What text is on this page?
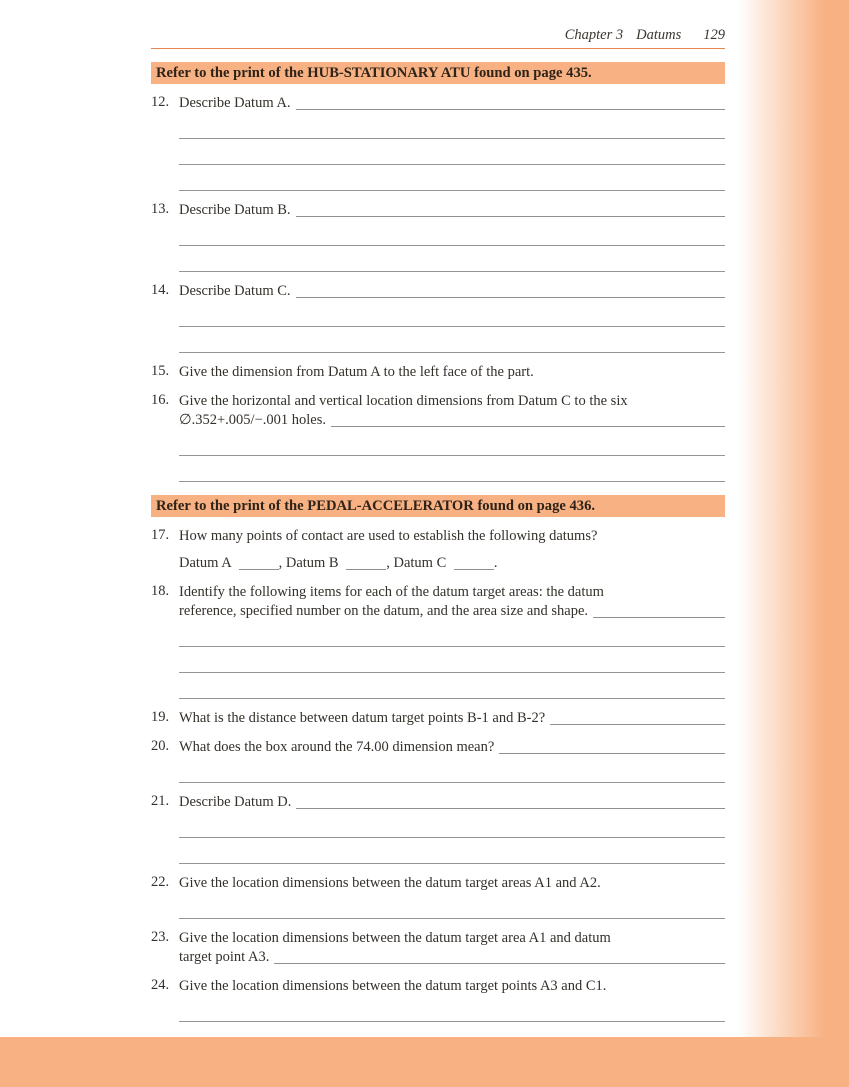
Chapter 3 Datums 129
Refer to the print of the HUB-STATIONARY ATU found on page 435.
12. Describe Datum A.
13. Describe Datum B.
14. Describe Datum C.
15. Give the dimension from Datum A to the left face of the part.
16. Give the horizontal and vertical location dimensions from Datum C to the six
∅.352+.005/−.001 holes.
Refer to the print of the PEDAL-ACCELERATOR found on page 436.
17. How many points of contact are used to establish the following datums?
Datum A	, Datum B	, Datum C	.
18. Identify the following items for each of the datum target areas: the datum
reference, specified number on the datum, and the area size and shape.
19. What is the distance between datum target points B-1 and B-2?
20. What does the box around the 74.00 dimension mean?
21. Describe Datum D.
22. Give the location dimensions between the datum target areas A1 and A2.
23. Give the location dimensions between the datum target area A1 and datum
target point A3.
24. Give the location dimensions between the datum target points A3 and C1.
